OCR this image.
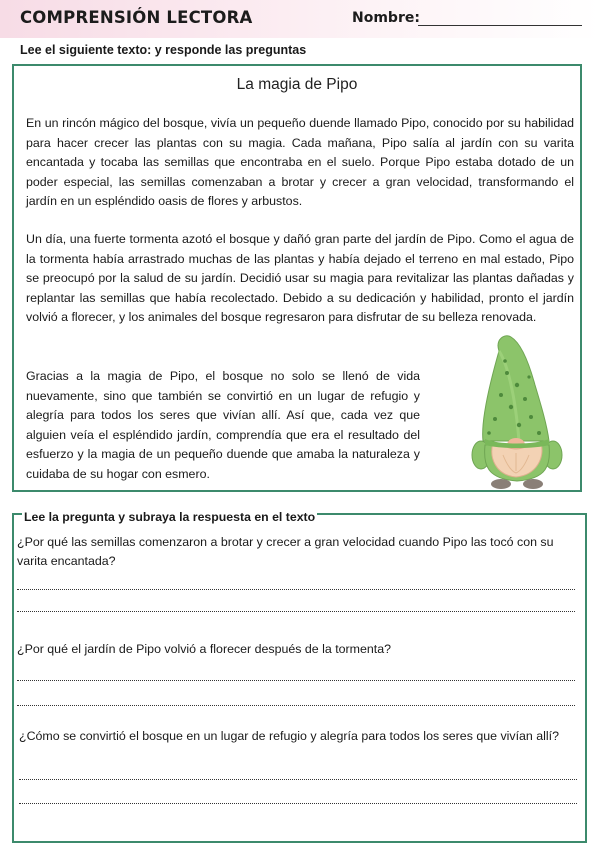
COMPRENSIÓN LECTORA	Nombre:
Lee el siguiente texto: y responde las preguntas
La magia de Pipo

En un rincón mágico del bosque, vivía un pequeño duende llamado Pipo, conocido por su habilidad para hacer crecer las plantas con su magia. Cada mañana, Pipo salía al jardín con su varita encantada y tocaba las semillas que encontraba en el suelo. Porque Pipo estaba dotado de un poder especial, las semillas comenzaban a brotar y crecer a gran velocidad, transformando el jardín en un espléndido oasis de flores y arbustos.

Un día, una fuerte tormenta azotó el bosque y dañó gran parte del jardín de Pipo. Como el agua de la tormenta había arrastrado muchas de las plantas y había dejado el terreno en mal estado, Pipo se preocupó por la salud de su jardín. Decidió usar su magia para revitalizar las plantas dañadas y replantar las semillas que había recolectado. Debido a su dedicación y habilidad, pronto el jardín volvió a florecer, y los animales del bosque regresaron para disfrutar de su belleza renovada.

Gracias a la magia de Pipo, el bosque no solo se llenó de vida nuevamente, sino que también se convirtió en un lugar de refugio y alegría para todos los seres que vivían allí. Así que, cada vez que alguien veía el espléndido jardín, comprendía que era el resultado del esfuerzo y la magia de un pequeño duende que amaba la naturaleza y cuidaba de su hogar con esmero.

Lee la pregunta y subraya la respuesta en el texto

¿Por qué las semillas comenzaron a brotar y crecer a gran velocidad cuando Pipo las tocó con su varita encantada?

¿Por qué el jardín de Pipo volvió a florecer después de la tormenta?

¿Cómo se convirtió el bosque en un lugar de refugio y alegría para todos los seres que vivían allí?
